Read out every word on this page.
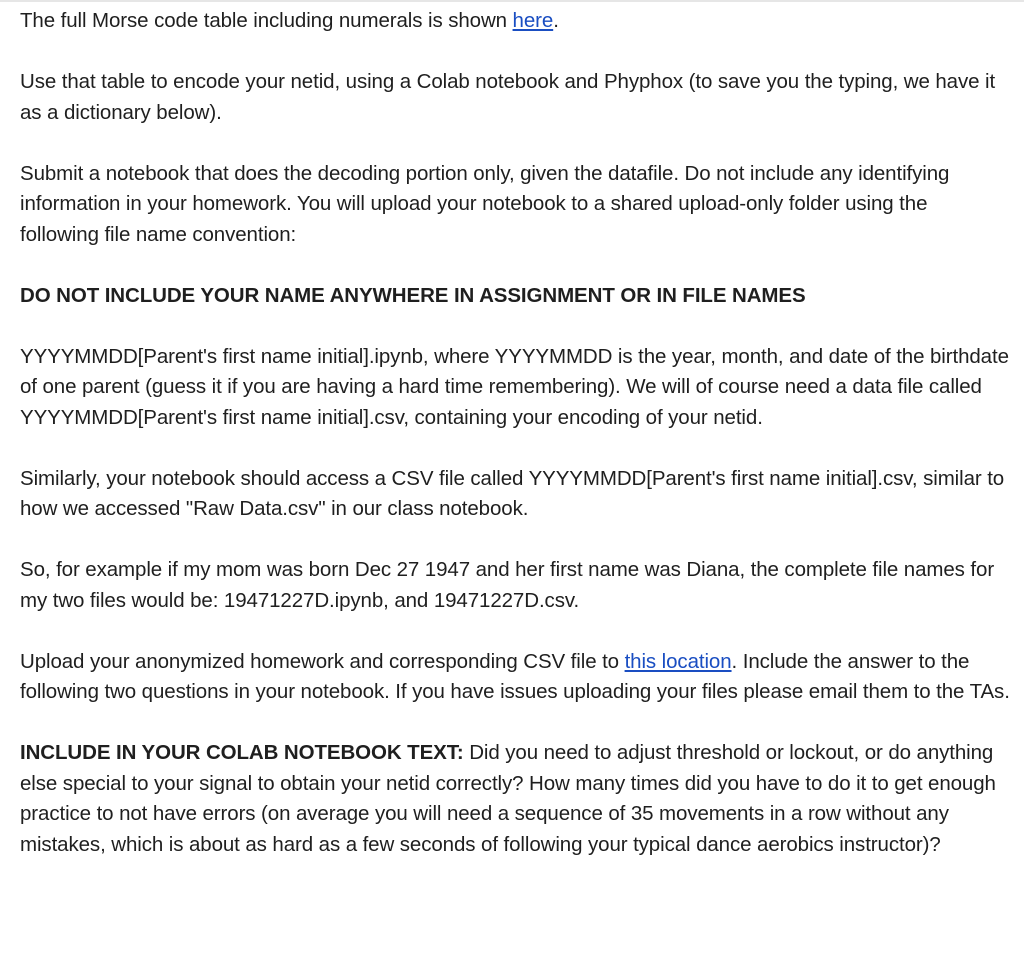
The full Morse code table including numerals is shown here.

Use that table to encode your netid, using a Colab notebook and Phyphox (to save you the typing, we have it as a dictionary below).

Submit a notebook that does the decoding portion only, given the datafile. Do not include any identifying information in your homework. You will upload your notebook to a shared upload-only folder using the following file name convention:

DO NOT INCLUDE YOUR NAME ANYWHERE IN ASSIGNMENT OR IN FILE NAMES

YYYYMMDD[Parent's first name initial].ipynb, where YYYYMMDD is the year, month, and date of the birthdate of one parent (guess it if you are having a hard time remembering). We will of course need a data file called YYYYMMDD[Parent's first name initial].csv, containing your encoding of your netid.

Similarly, your notebook should access a CSV file called YYYYMMDD[Parent's first name initial].csv, similar to how we accessed "Raw Data.csv" in our class notebook.

So, for example if my mom was born Dec 27 1947 and her first name was Diana, the complete file names for my two files would be: 19471227D.ipynb, and 19471227D.csv.

Upload your anonymized homework and corresponding CSV file to this location. Include the answer to the following two questions in your notebook. If you have issues uploading your files please email them to the TAs.

INCLUDE IN YOUR COLAB NOTEBOOK TEXT: Did you need to adjust threshold or lockout, or do anything else special to your signal to obtain your netid correctly? How many times did you have to do it to get enough practice to not have errors (on average you will need a sequence of 35 movements in a row without any mistakes, which is about as hard as a few seconds of following your typical dance aerobics instructor)?
